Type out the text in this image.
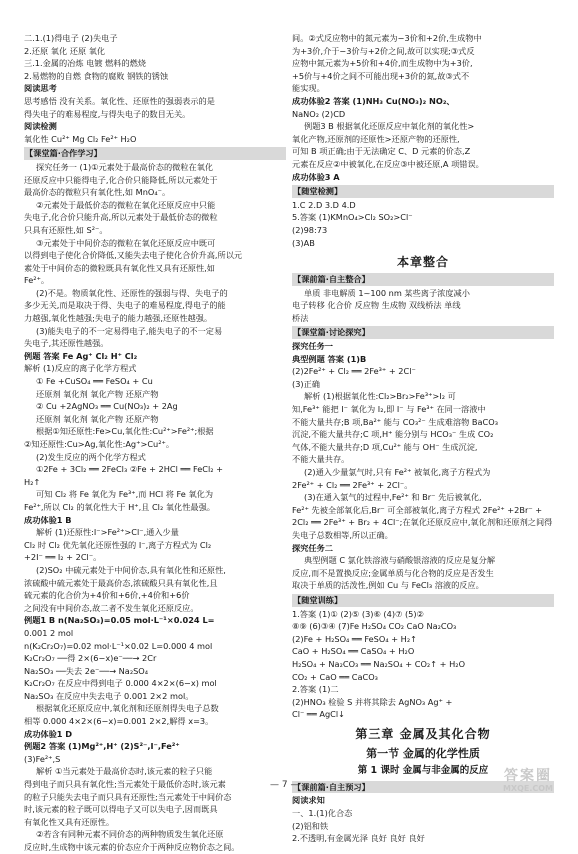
二.1.(1)得电子 (2)失电子
2.还原 氧化 还原 氧化
三.1.金属的冶炼 电镀 燃料的燃烧
2.易燃物的自燃 食物的腐败 钢铁的锈蚀
阅读思考
思考感悟 没有关系。氧化性、还原性的强弱表示的是
得失电子的难易程度,与得失电子的数目无关。
阅读检测
氧化性 Cu²⁺ Mg Cl₂ Fe²⁺ H₂O
【课堂篇·合作学习】
探究任务一 (1)①元素处于最高价态的微粒在氧化
还原反应中只能得电子,化合价只能降低,所以元素处于
最高价态的微粒只有氧化性,如 MnO₄⁻。
②元素处于最低价态的微粒在氧化还原反应中只能
失电子,化合价只能升高,所以元素处于最低价态的微粒
只具有还原性,如 S²⁻。
③元素处于中间价态的微粒在氧化还原反应中既可
以得到电子使化合价降低,又能失去电子使化合价升高,所以元
素处于中间价态的微粒既具有氧化性又具有还原性,如
Fe²⁺。
(2)不是。物质氧化性、还原性的强弱与得、失电子的
多少无关,而是取决于得、失电子的难易程度,得电子的能
力越强,氧化性越强;失电子的能力越强,还原性越强。
(3)能失电子的不一定易得电子,能失电子的不一定易
失电子,其还原性越强。
例题 答案 Fe Ag⁺ Cl₂ H⁺ Cl₂
解析 (1)反应的离子化学方程式
① Fe +CuSO₄ ══ FeSO₄ + Cu
还原剂 氧化剂 氧化产物 还原产物
② Cu +2AgNO₃ ══ Cu(NO₃)₂ + 2Ag
还原剂 氧化剂 氧化产物 还原产物
根据①知还原性:Fe>Cu,氧化性:Cu²⁺>Fe²⁺;根据
②知还原性:Cu>Ag,氧化性:Ag⁺>Cu²⁺。
(2)发生反应的两个化学方程式
①2Fe + 3Cl₂ ══ 2FeCl₃ ②Fe + 2HCl ══ FeCl₂ +
H₂↑
可知 Cl₂ 将 Fe 氧化为 Fe³⁺,而 HCl 将 Fe 氧化为
Fe²⁺,所以 Cl₂ 的氧化性大于 H⁺,且 Cl₂ 氧化性最强。
成功体验1 B
解析 (1)还原性:I⁻>Fe²⁺>Cl⁻,通入少量
Cl₂ 时 Cl₂ 优先氧化还原性强的 I⁻,离子方程式为 Cl₂
+2I⁻ ══ I₂ + 2Cl⁻。
(2)SO₂ 中硫元素处于中间价态,具有氧化性和还原性,
浓硫酸中硫元素处于最高价态,浓硫酸只具有氧化性,且
硫元素的化合价为+4价和+6价,+4价和+6价
之间没有中间价态,故二者不发生氧化还原反应。
例题1 B n(Na₂SO₃)=0.05 mol·L⁻¹×0.024 L=
0.001 2 mol
n(K₂Cr₂O₇)=0.02 mol·L⁻¹×0.02 L=0.000 4 mol
K₂Cr₂O₇ ──得 2×(6−x)e⁻──→ 2Cr
Na₂SO₃ ──失去 2e⁻──→ Na₂SO₄
K₂Cr₂O₇ 在反应中得到电子 0.000 4×2×(6−x) mol
Na₂SO₃ 在反应中失去电子 0.001 2×2 mol。
根据氧化还原反应中,氧化剂和还原剂得失电子总数
相等 0.000 4×2×(6−x)=0.001 2×2,解得 x=3。
成功体验1 D
例题2 答案 (1)Mg²⁺,H⁺ (2)S²⁻,I⁻,Fe²⁺
(3)Fe²⁺,S
解析 ①当元素处于最高价态时,该元素的粒子只能
得到电子而只具有氧化性;当元素处于最低价态时,该元素
的粒子只能失去电子而只具有还原性;当元素处于中间价态
时,该元素的粒子既可以得电子又可以失电子,因而既具
有氧化性又具有还原性。
②若含有同种元素不同价态的两种物质发生氧化还原
反应时,生成物中该元素的价态应介于两种反应物价态之间。
间。②式反应物中的氮元素为−3价和+2价,生成物中
为+3价,介于−3价与+2价之间,故可以实现;③式反
应物中氮元素为+5价和+4价,而生成物中为+3价,
+5价与+4价之间不可能出现+3价的氮,故③式不
能实现。
成功体验2 答案 (1)NH₃ Cu(NO₃)₂ NO₂、
NaNO₂ (2)CD
例题3 B 根据氧化还原反应中氧化剂的氧化性>
氧化产物,还原剂的还原性>还原产物的还原性,
可知 B 项正确;由于无法确定 C、D 元素的价态,Z
元素在反应②中被氧化,在反应③中被还原,A 项错误。
成功体验3 A
【随堂检测】
1.C 2.D 3.D 4.D
5.答案 (1)KMnO₄>Cl₂ SO₂>Cl⁻
(2)98:73
(3)AB
本章整合
【课前篇·自主整合】
单质 非电解质 1~100 nm 某些离子浓度减小
电子转移 化合价 反应物 生成物 双线桥法 单线
桥法
【课堂篇·讨论探究】
探究任务一
典型例题 答案 (1)B
(2)2Fe²⁺ + Cl₂ ══ 2Fe³⁺ + 2Cl⁻
(3)正确
解析 (1)根据氧化性:Cl₂>Br₂>Fe³⁺>I₂ 可
知,Fe³⁺ 能把 I⁻ 氧化为 I₂,即 I⁻ 与 Fe³⁺ 在同一溶液中
不能大量共存;B 项,Ba²⁺ 能与 CO₃²⁻ 生成难溶物 BaCO₃
沉淀,不能大量共存;C 项,H⁺ 能分别与 HCO₃⁻ 生成 CO₂
气体,不能大量共存;D 项,Cu²⁺ 能与 OH⁻ 生成沉淀,
不能大量共存。
(2)通入少量氯气时,只有 Fe²⁺ 被氧化,离子方程式为
2Fe²⁺ + Cl₂ ══ 2Fe³⁺ + 2Cl⁻。
(3)在通入氯气的过程中,Fe²⁺ 和 Br⁻ 先后被氧化,
Fe²⁺ 先被全部氧化后,Br⁻ 可全部被氧化,离子方程式 2Fe²⁺ +2Br⁻ +
2Cl₂ ══ 2Fe³⁺ + Br₂ + 4Cl⁻;在氧化还原反应中,氧化剂和还原剂之间得
失电子总数相等,所以正确。
探究任务二
典型例题 C 氯化铁溶液与硝酸银溶液的反应是复分解
反应,而不是置换反应;金属单质与化合物的反应是否发生
取决于单质的活泼性,例如 Cu 与 FeCl₃ 溶液的反应。
【随堂训练】
1.答案 (1)① (2)⑤ (3)⑥ (4)⑦ (5)②
⑧⑨ (6)③④ (7)Fe H₂SO₄ CO₂ CaO Na₂CO₃
(2)Fe + H₂SO₄ ══ FeSO₄ + H₂↑
CaO + H₂SO₄ ══ CaSO₄ + H₂O
H₂SO₄ + Na₂CO₃ ══ Na₂SO₄ + CO₂↑ + H₂O
CO₂ + CaO ══ CaCO₃
2.答案 (1)二
(2)HNO₃ 检验 S 并将其除去 AgNO₃ Ag⁺ +
Cl⁻ ══ AgCl↓
第三章 金属及其化合物
第一节 金属的化学性质
第 1 课时 金属与非金属的反应
【课前篇·自主预习】
阅读求知
一、1.(1)化合态
(2)铝和铁
2.不透明,有金属光泽 良好 良好 良好
— 7 —
答案圈
MXQE.COM
